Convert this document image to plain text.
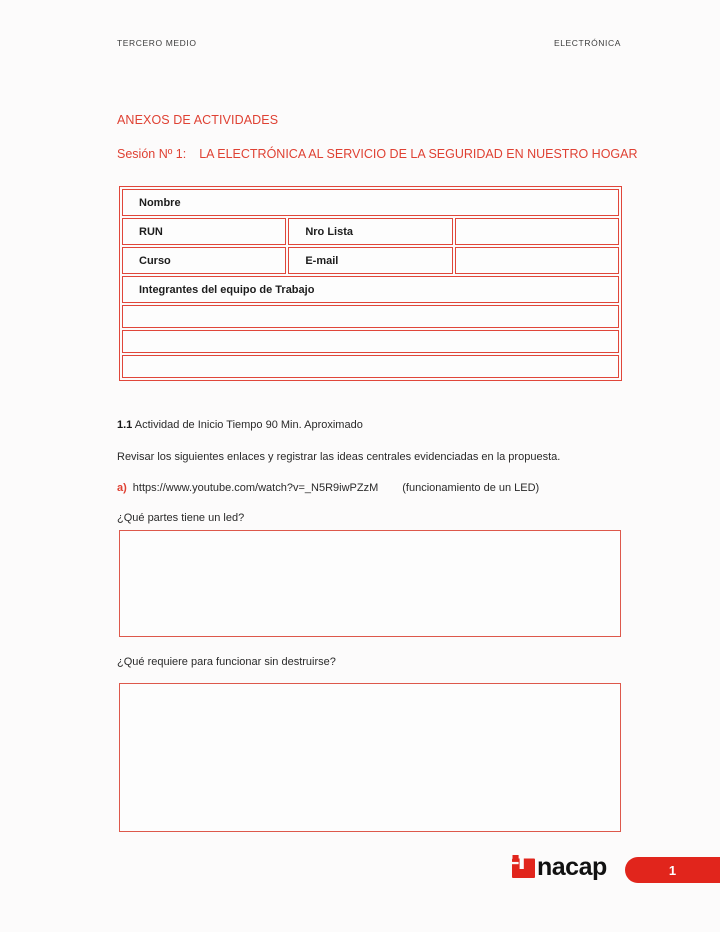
TERCERO MEDIO	ELECTRÓNICA
ANEXOS DE ACTIVIDADES
Sesión Nº 1: LA ELECTRÓNICA AL SERVICIO DE LA SEGURIDAD EN NUESTRO HOGAR
Nombre		
RUN	Nro Lista	
Curso	E-mail	
Integrantes del equipo de Trabajo		

1.1 Actividad de Inicio Tiempo 90 Min. Aproximado
Revisar los siguientes enlaces y registrar las ideas centrales evidenciadas en la propuesta.
a) https://www.youtube.com/watch?v=_N5R9iwPZzM (funcionamiento de un LED)
¿Qué partes tiene un led?
¿Qué requiere para funcionar sin destruirse?
nacap	1
